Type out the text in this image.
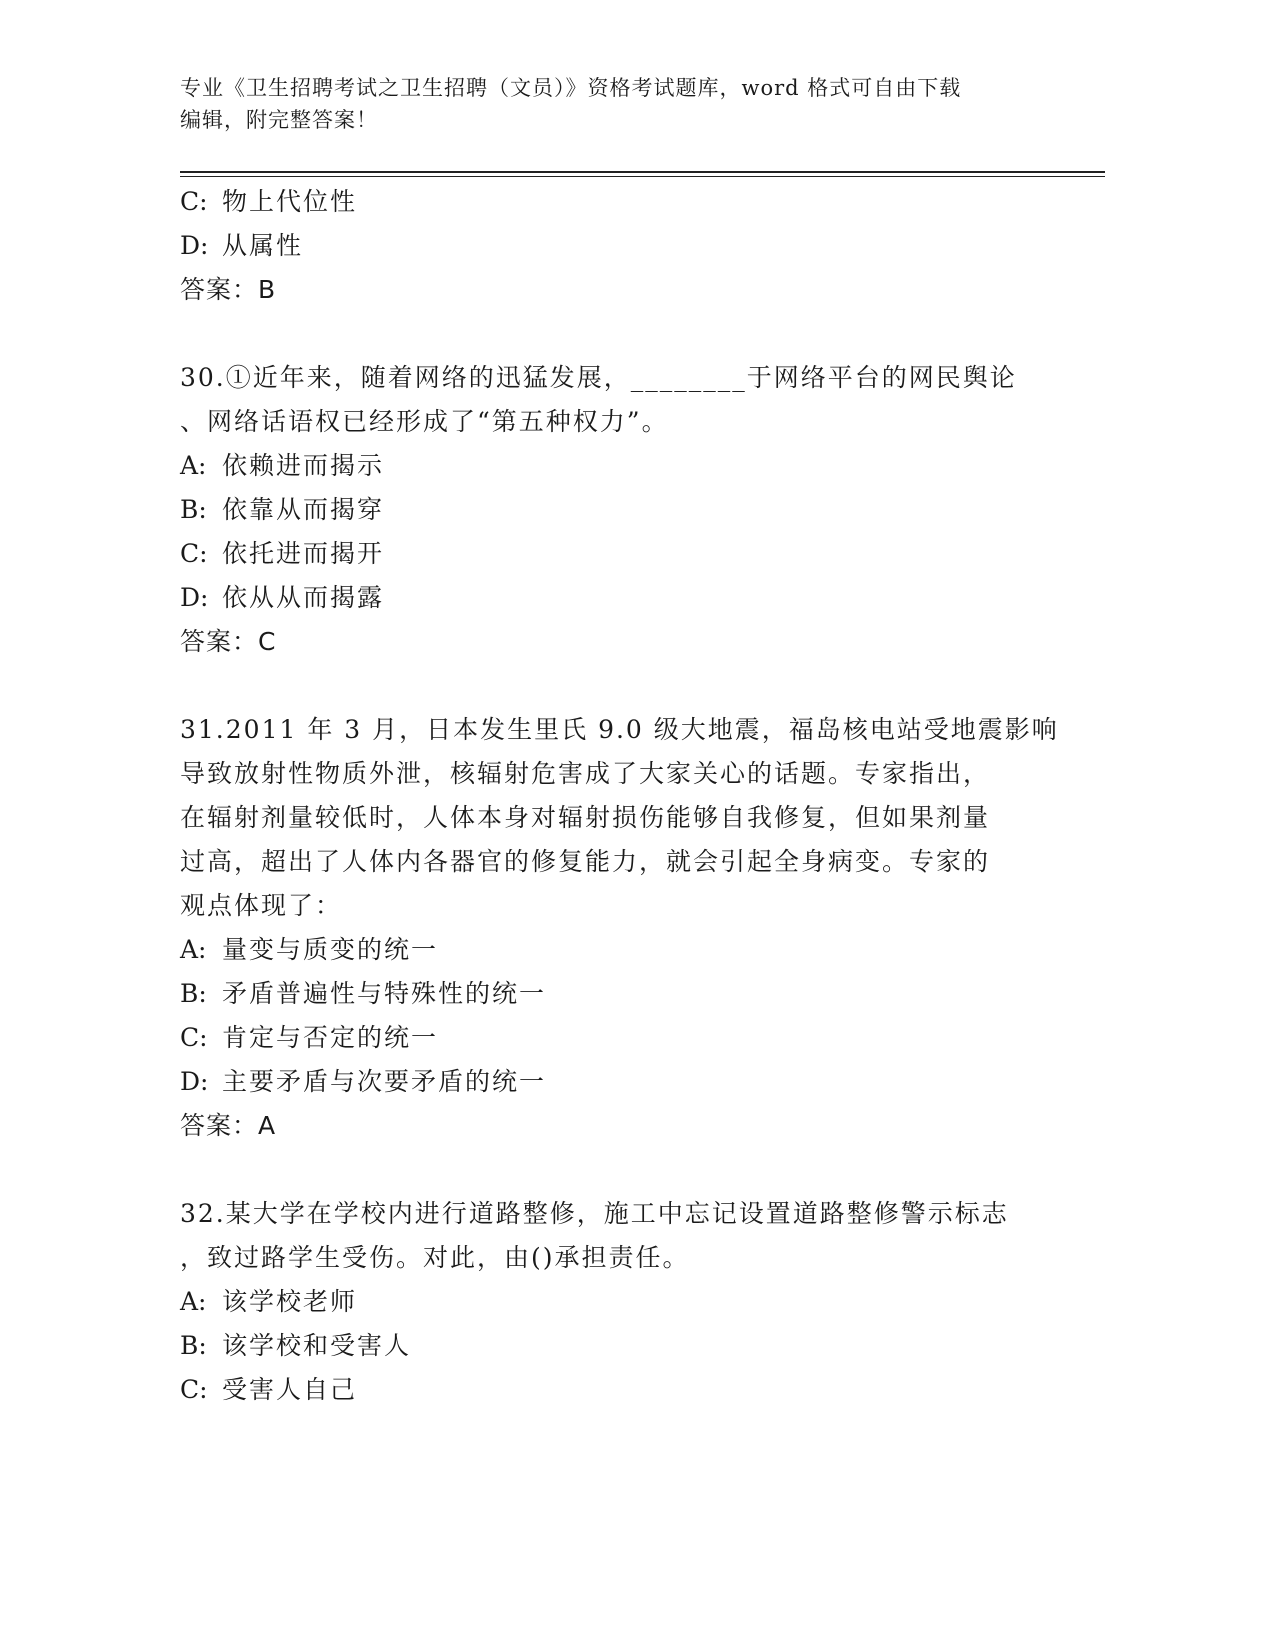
专业《卫生招聘考试之卫生招聘（文员）》资格考试题库，word 格式可自由下载
编辑，附完整答案！
C: 物上代位性
D: 从属性
答案：B
30.①近年来，随着网络的迅猛发展，________于网络平台的网民舆论
、网络话语权已经形成了“第五种权力”。
A: 依赖进而揭示
B: 依靠从而揭穿
C: 依托进而揭开
D: 依从从而揭露
答案：C
31.2011 年 3 月，日本发生里氏 9.0 级大地震，福岛核电站受地震影响
导致放射性物质外泄，核辐射危害成了大家关心的话题。专家指出，
在辐射剂量较低时，人体本身对辐射损伤能够自我修复，但如果剂量
过高，超出了人体内各器官的修复能力，就会引起全身病变。专家的
观点体现了：
A: 量变与质变的统一
B: 矛盾普遍性与特殊性的统一
C: 肯定与否定的统一
D: 主要矛盾与次要矛盾的统一
答案：A
32.某大学在学校内进行道路整修，施工中忘记设置道路整修警示标志
，致过路学生受伤。对此，由()承担责任。
A: 该学校老师
B: 该学校和受害人
C: 受害人自己
